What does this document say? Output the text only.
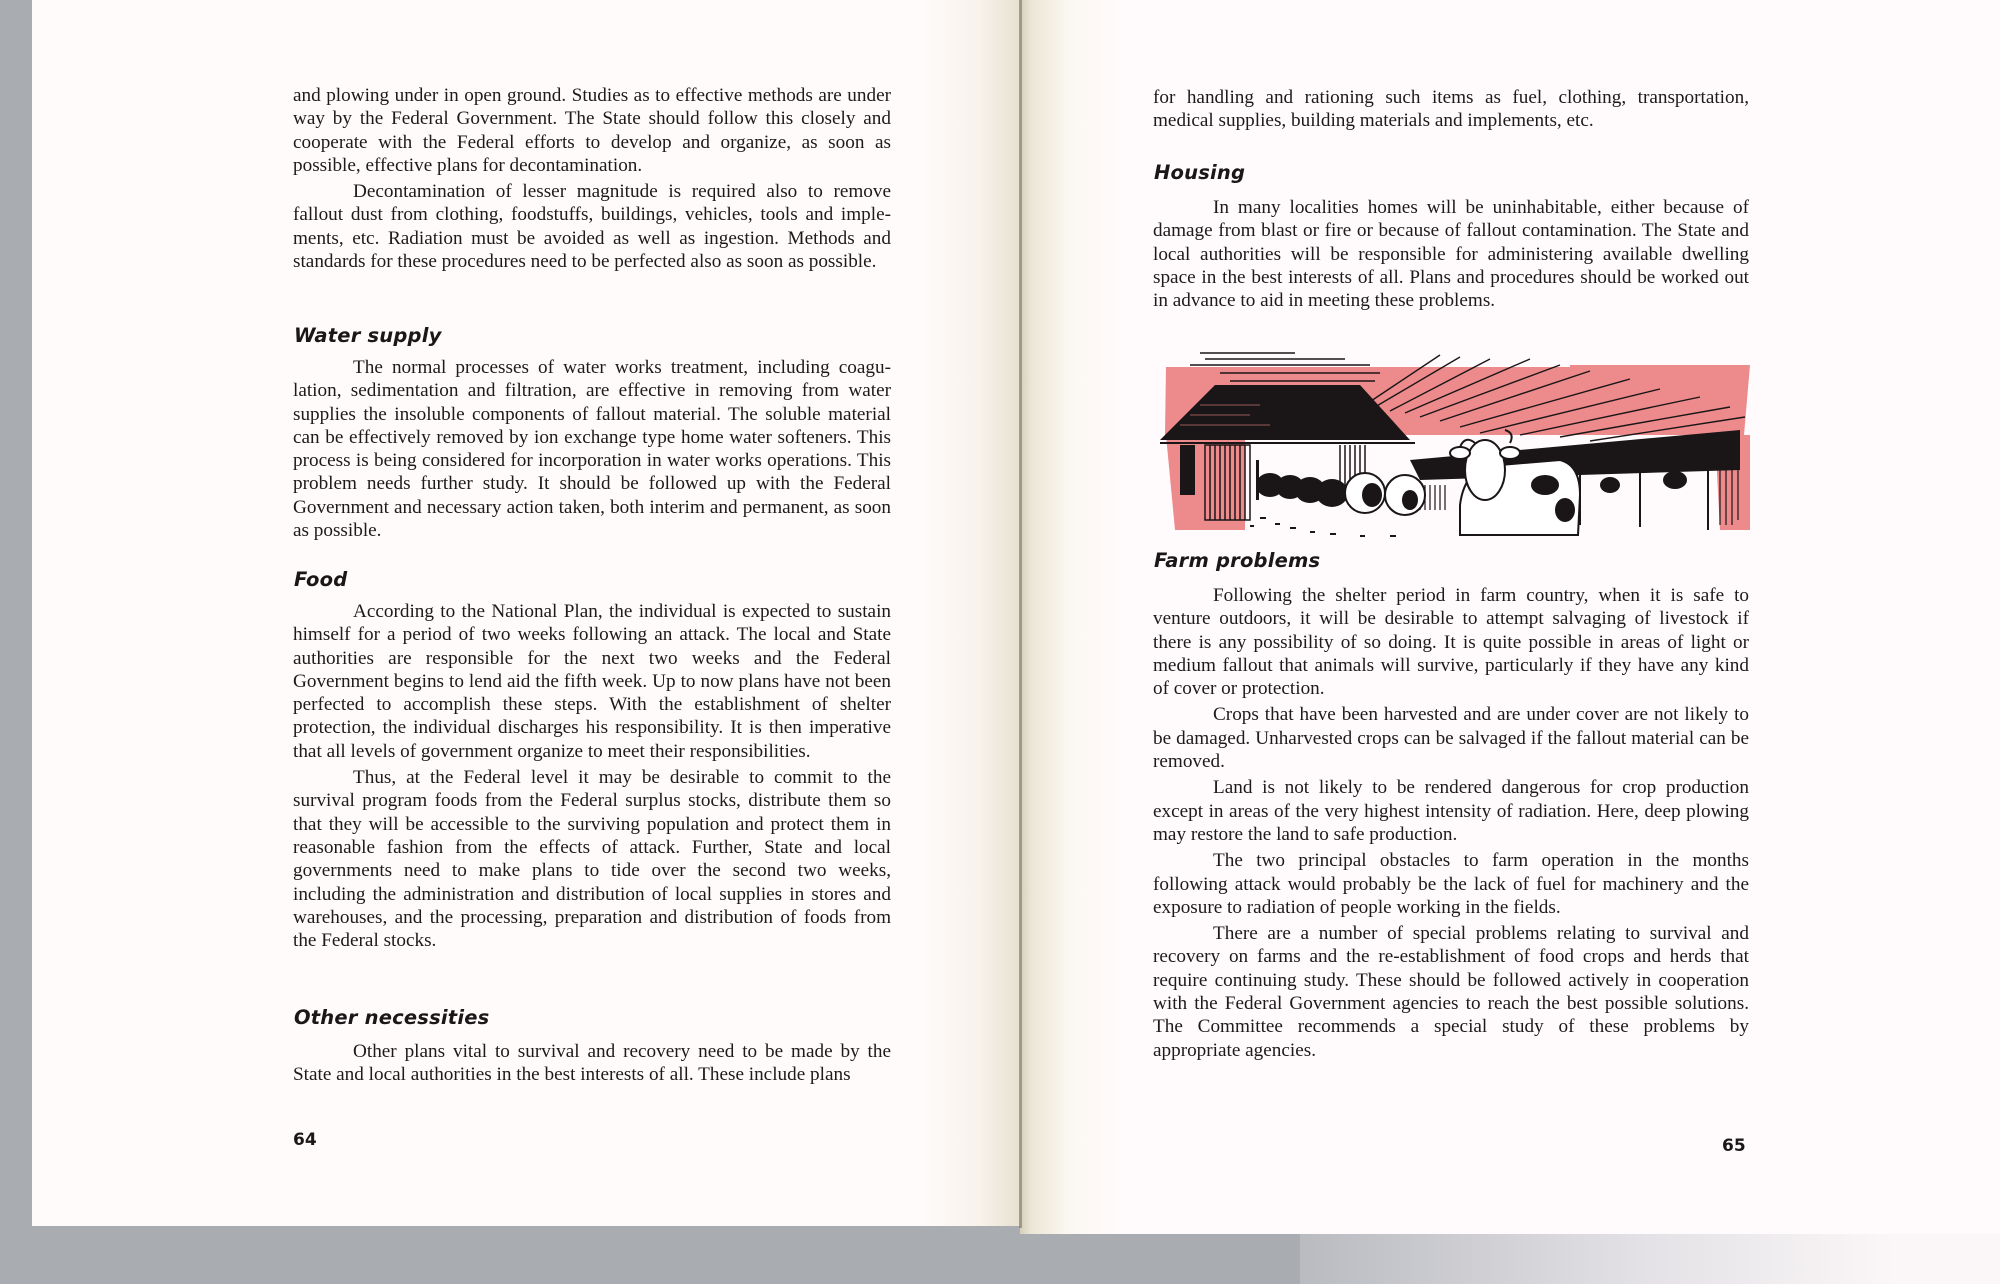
and plowing under in open ground. Studies as to effective methods are under way by the Federal Government. The State should follow this closely and cooperate with the Federal efforts to develop and organize, as soon as possible, effective plans for decontamination.

Decontamination of lesser magnitude is required also to remove fallout dust from clothing, foodstuffs, buildings, vehicles, tools and implements, etc. Radiation must be avoided as well as ingestion. Methods and standards for these procedures need to be perfected also as soon as possible.

Water supply

The normal processes of water works treatment, including coagulation, sedimentation and filtration, are effective in removing from water supplies the insoluble components of fallout material. The soluble material can be effectively removed by ion exchange type home water softeners. This process is being considered for incorporation in water works operations. This problem needs further study. It should be followed up with the Federal Government and necessary action taken, both interim and permanent, as soon as possible.

Food

According to the National Plan, the individual is expected to sustain himself for a period of two weeks following an attack. The local and State authorities are responsible for the next two weeks and the Federal Government begins to lend aid the fifth week. Up to now plans have not been perfected to accomplish these steps. With the establishment of shelter protection, the individual discharges his responsibility. It is then imperative that all levels of government organize to meet their responsibilities.

Thus, at the Federal level it may be desirable to commit to the survival program foods from the Federal surplus stocks, distribute them so that they will be accessible to the surviving population and protect them in reasonable fashion from the effects of attack. Further, State and local governments need to make plans to tide over the second two weeks, including the administration and distribution of local supplies in stores and warehouses, and the processing, preparation and distribution of foods from the Federal stocks.

Other necessities

Other plans vital to survival and recovery need to be made by the State and local authorities in the best interests of all. These include plans

64

for handling and rationing such items as fuel, clothing, transportation, medical supplies, building materials and implements, etc.

Housing

In many localities homes will be uninhabitable, either because of damage from blast or fire or because of fallout contamination. The State and local authorities will be responsible for administering available dwelling space in the best interests of all. Plans and procedures should be worked out in advance to aid in meeting these problems.

Farm problems

Following the shelter period in farm country, when it is safe to venture outdoors, it will be desirable to attempt salvaging of livestock if there is any possibility of so doing. It is quite possible in areas of light or medium fallout that animals will survive, particularly if they have any kind of cover or protection.

Crops that have been harvested and are under cover are not likely to be damaged. Unharvested crops can be salvaged if the fallout material can be removed.

Land is not likely to be rendered dangerous for crop production except in areas of the very highest intensity of radiation. Here, deep plowing may restore the land to safe production.

The two principal obstacles to farm operation in the months following attack would probably be the lack of fuel for machinery and the exposure to radiation of people working in the fields.

There are a number of special problems relating to survival and recovery on farms and the re-establishment of food crops and herds that require continuing study. These should be followed actively in cooperation with the Federal Government agencies to reach the best possible solutions. The Committee recommends a special study of these problems by appropriate agencies.

65
